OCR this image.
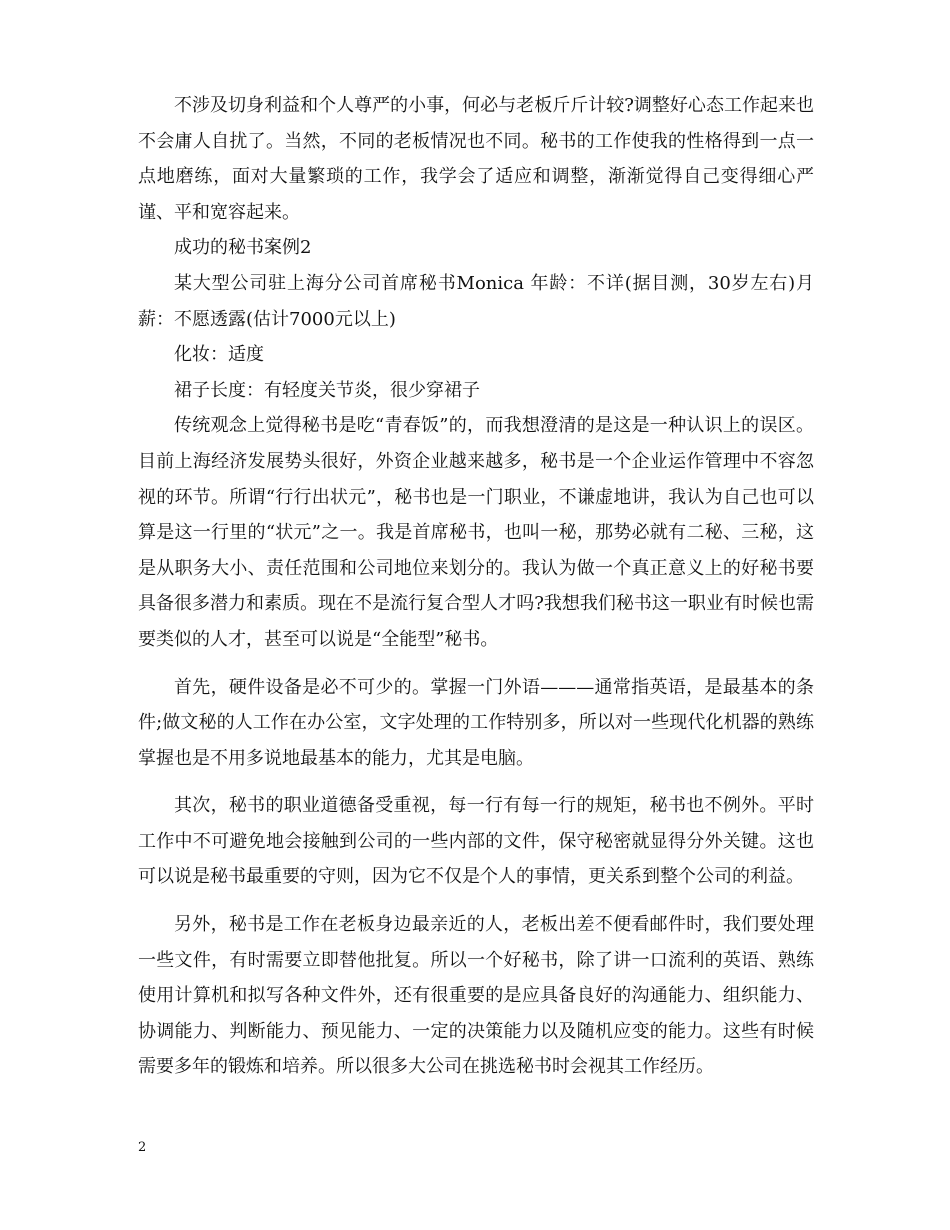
不涉及切身利益和个人尊严的小事，何必与老板斤斤计较?调整好心态工作起来也不会庸人自扰了。当然，不同的老板情况也不同。秘书的工作使我的性格得到一点一点地磨练，面对大量繁琐的工作，我学会了适应和调整，渐渐觉得自己变得细心严谨、平和宽容起来。

成功的秘书案例2

某大型公司驻上海分公司首席秘书Monica 年龄：不详(据目测，30岁左右)月薪：不愿透露(估计7000元以上)

化妆：适度

裙子长度：有轻度关节炎，很少穿裙子

传统观念上觉得秘书是吃“青春饭”的，而我想澄清的是这是一种认识上的误区。目前上海经济发展势头很好，外资企业越来越多，秘书是一个企业运作管理中不容忽视的环节。所谓“行行出状元”，秘书也是一门职业，不谦虚地讲，我认为自己也可以算是这一行里的“状元”之一。我是首席秘书，也叫一秘，那势必就有二秘、三秘，这是从职务大小、责任范围和公司地位来划分的。我认为做一个真正意义上的好秘书要具备很多潜力和素质。现在不是流行复合型人才吗?我想我们秘书这一职业有时候也需要类似的人才，甚至可以说是“全能型”秘书。

首先，硬件设备是必不可少的。掌握一门外语———通常指英语，是最基本的条件;做文秘的人工作在办公室，文字处理的工作特别多，所以对一些现代化机器的熟练掌握也是不用多说地最基本的能力，尤其是电脑。

其次，秘书的职业道德备受重视，每一行有每一行的规矩，秘书也不例外。平时工作中不可避免地会接触到公司的一些内部的文件，保守秘密就显得分外关键。这也可以说是秘书最重要的守则，因为它不仅是个人的事情，更关系到整个公司的利益。

另外，秘书是工作在老板身边最亲近的人，老板出差不便看邮件时，我们要处理一些文件，有时需要立即替他批复。所以一个好秘书，除了讲一口流利的英语、熟练使用计算机和拟写各种文件外，还有很重要的是应具备良好的沟通能力、组织能力、协调能力、判断能力、预见能力、一定的决策能力以及随机应变的能力。这些有时候需要多年的锻炼和培养。所以很多大公司在挑选秘书时会视其工作经历。

2
